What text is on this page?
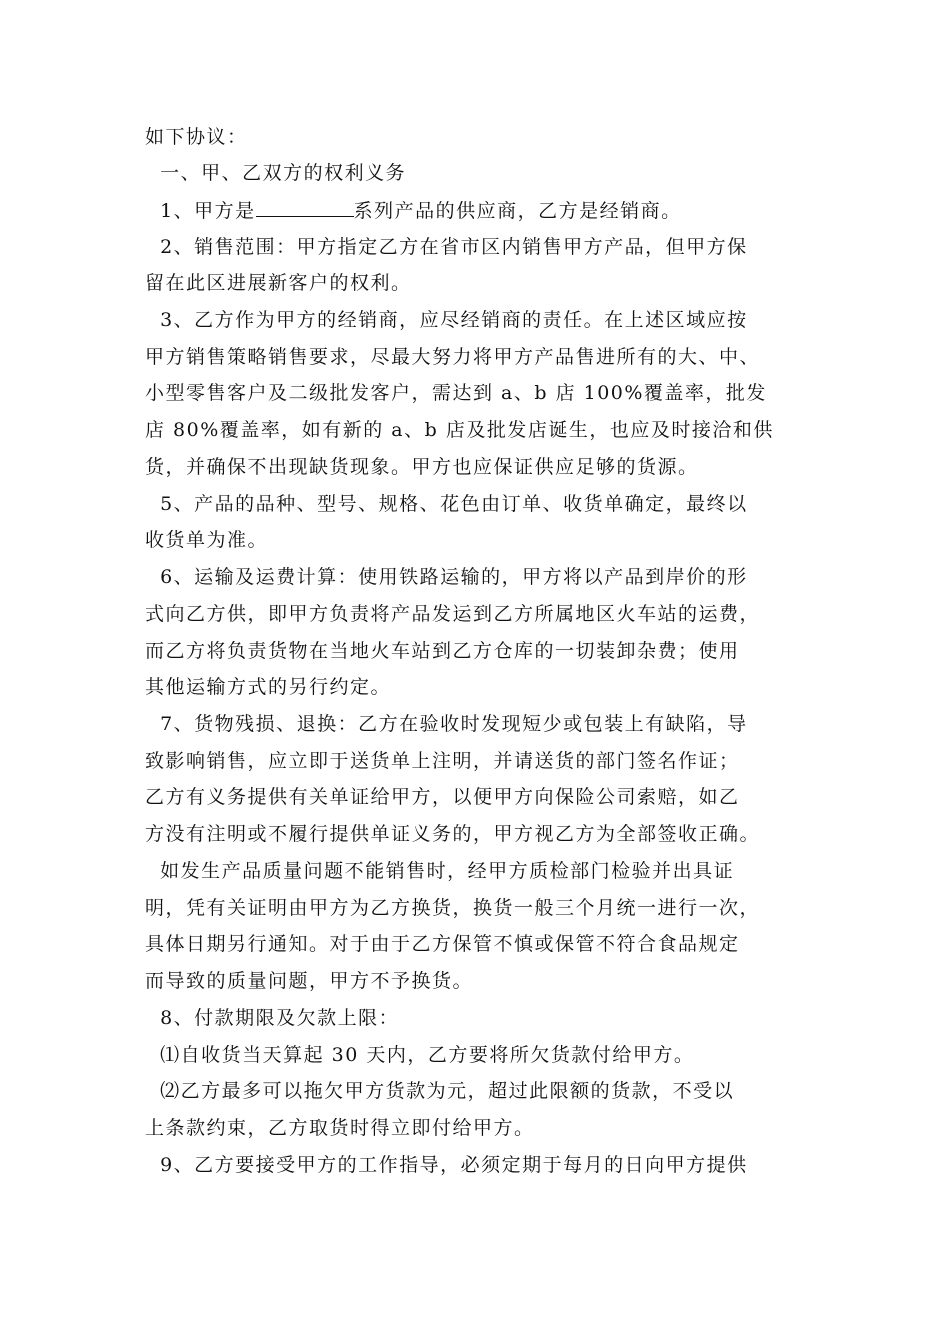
如下协议：
一、甲、乙双方的权利义务
1、甲方是	系列产品的供应商，乙方是经销商。
2、销售范围：甲方指定乙方在省市区内销售甲方产品，但甲方保
留在此区进展新客户的权利。
3、乙方作为甲方的经销商，应尽经销商的责任。在上述区域应按
甲方销售策略销售要求，尽最大努力将甲方产品售进所有的大、中、
小型零售客户及二级批发客户，需达到 a、b 店 100%覆盖率，批发
店 80%覆盖率，如有新的 a、b 店及批发店诞生，也应及时接洽和供
货，并确保不出现缺货现象。甲方也应保证供应足够的货源。
5、产品的品种、型号、规格、花色由订单、收货单确定，最终以
收货单为准。
6、运输及运费计算：使用铁路运输的，甲方将以产品到岸价的形
式向乙方供，即甲方负责将产品发运到乙方所属地区火车站的运费，
而乙方将负责货物在当地火车站到乙方仓库的一切装卸杂费；使用
其他运输方式的另行约定。
7、货物残损、退换：乙方在验收时发现短少或包装上有缺陷，导
致影响销售，应立即于送货单上注明，并请送货的部门签名作证；
乙方有义务提供有关单证给甲方，以便甲方向保险公司索赔，如乙
方没有注明或不履行提供单证义务的，甲方视乙方为全部签收正确。
如发生产品质量问题不能销售时，经甲方质检部门检验并出具证
明，凭有关证明由甲方为乙方换货，换货一般三个月统一进行一次，
具体日期另行通知。对于由于乙方保管不慎或保管不符合食品规定
而导致的质量问题，甲方不予换货。
8、付款期限及欠款上限：
⑴自收货当天算起 30 天内，乙方要将所欠货款付给甲方。
⑵乙方最多可以拖欠甲方货款为元，超过此限额的货款，不受以
上条款约束，乙方取货时得立即付给甲方。
9、乙方要接受甲方的工作指导，必须定期于每月的日向甲方提供
